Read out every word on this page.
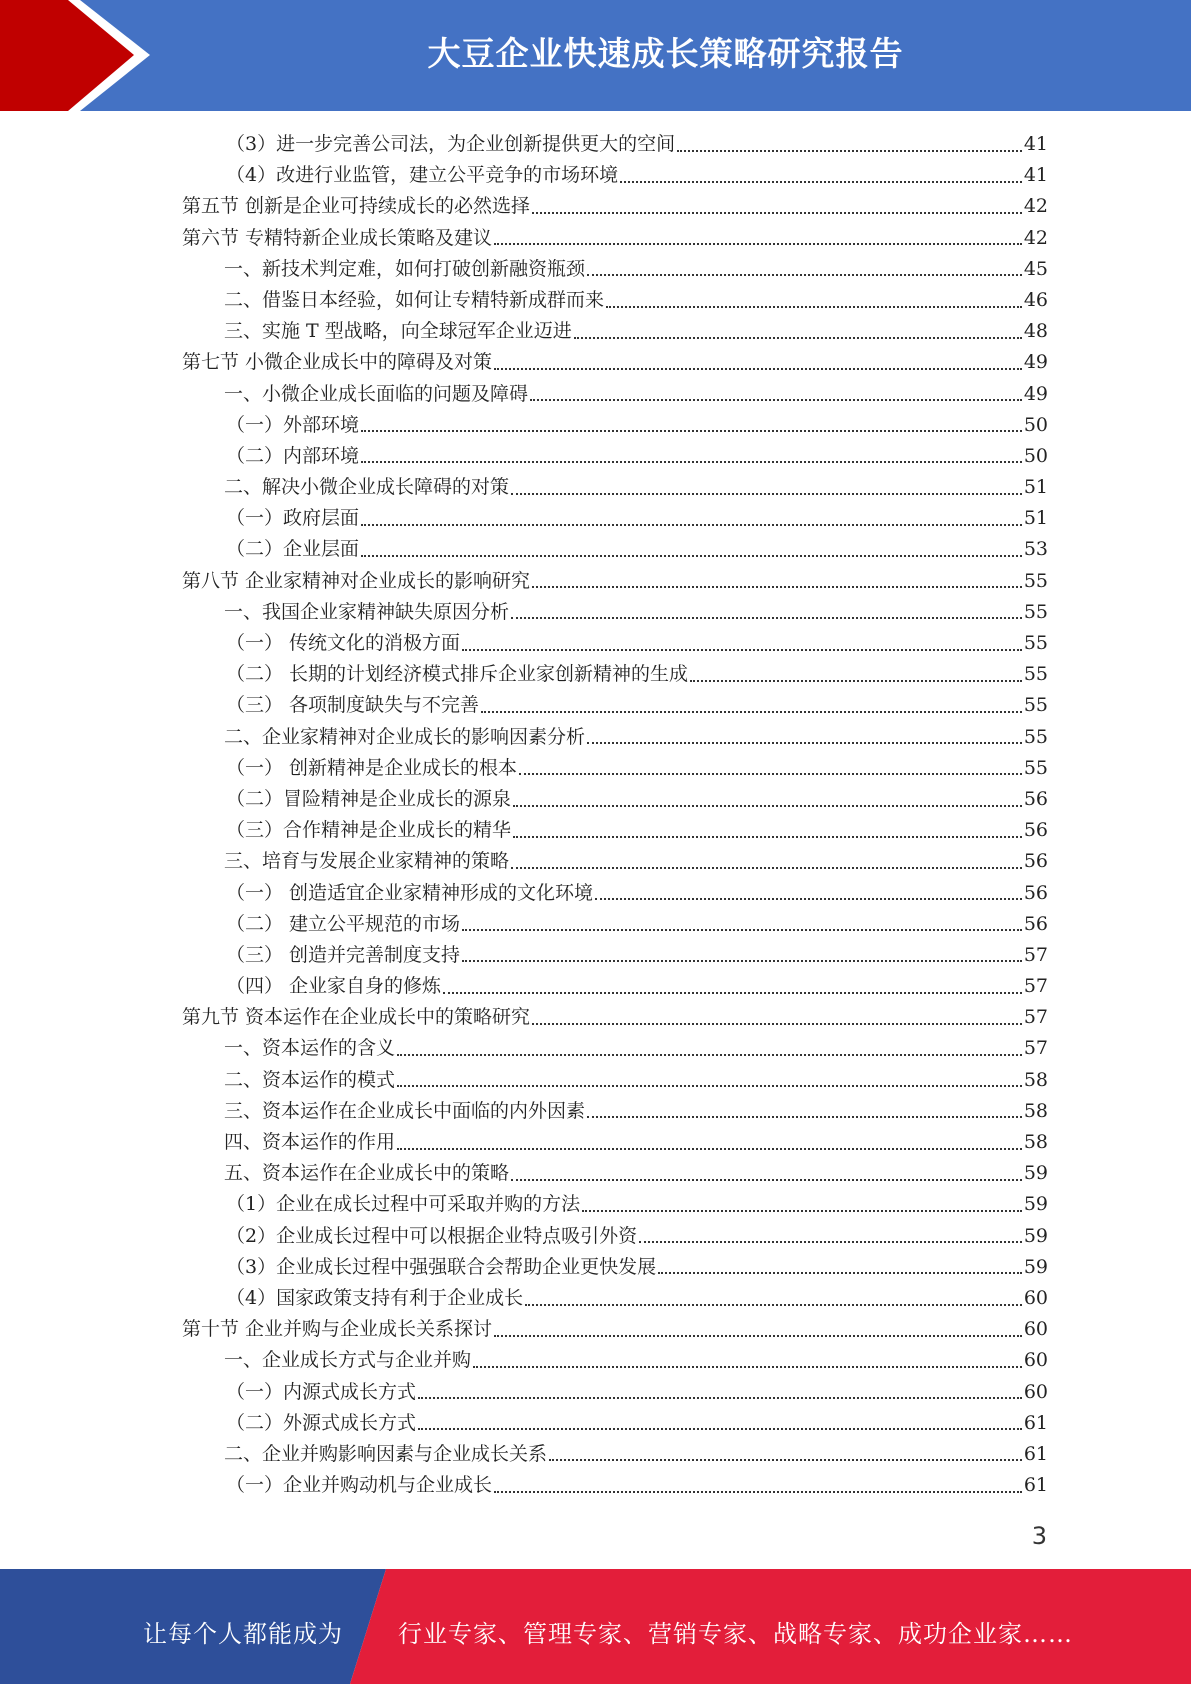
大豆企业快速成长策略研究报告
（3）进一步完善公司法，为企业创新提供更大的空间	41
（4）改进行业监管，建立公平竞争的市场环境	41
第五节 创新是企业可持续成长的必然选择	42
第六节 专精特新企业成长策略及建议	42
一、新技术判定难，如何打破创新融资瓶颈	45
二、借鉴日本经验，如何让专精特新成群而来	46
三、实施 T 型战略，向全球冠军企业迈进	48
第七节 小微企业成长中的障碍及对策	49
一、小微企业成长面临的问题及障碍	49
（一）外部环境	50
（二）内部环境	50
二、解决小微企业成长障碍的对策	51
（一）政府层面	51
（二）企业层面	53
第八节 企业家精神对企业成长的影响研究	55
一、我国企业家精神缺失原因分析	55
（一） 传统文化的消极方面	55
（二） 长期的计划经济模式排斥企业家创新精神的生成	55
（三） 各项制度缺失与不完善	55
二、企业家精神对企业成长的影响因素分析	55
（一） 创新精神是企业成长的根本	55
（二）冒险精神是企业成长的源泉	56
（三）合作精神是企业成长的精华	56
三、培育与发展企业家精神的策略	56
（一） 创造适宜企业家精神形成的文化环境	56
（二） 建立公平规范的市场	56
（三） 创造并完善制度支持	57
（四） 企业家自身的修炼	57
第九节 资本运作在企业成长中的策略研究	57
一、资本运作的含义	57
二、资本运作的模式	58
三、资本运作在企业成长中面临的内外因素	58
四、资本运作的作用	58
五、资本运作在企业成长中的策略	59
（1）企业在成长过程中可采取并购的方法	59
（2）企业成长过程中可以根据企业特点吸引外资	59
（3）企业成长过程中强强联合会帮助企业更快发展	59
（4）国家政策支持有利于企业成长	60
第十节 企业并购与企业成长关系探讨	60
一、企业成长方式与企业并购	60
（一）内源式成长方式	60
（二）外源式成长方式	61
二、企业并购影响因素与企业成长关系	61
（一）企业并购动机与企业成长	61
3
让每个人都能成为 行业专家、管理专家、营销专家、战略专家、成功企业家……
